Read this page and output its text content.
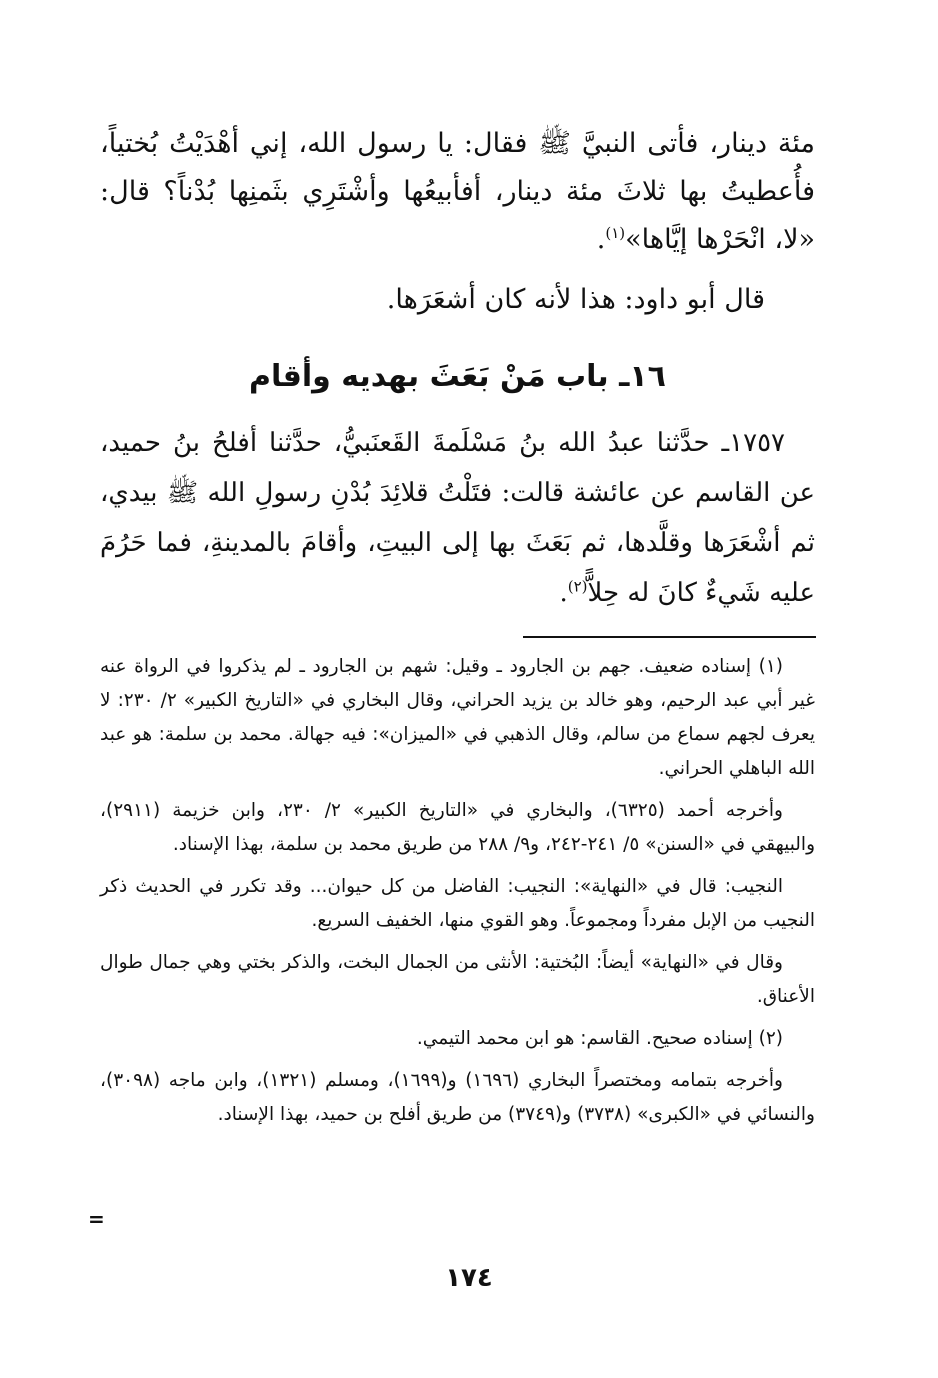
مئة دينار، فأتى النبيَّ ﷺ فقال: يا رسول الله، إني أهْدَيْتُ بُختياً، فأُعطيتُ بها ثلاثَ مئة دينار، أفأبيعُها وأشْتَرِي بثَمنِها بُدْناً؟ قال: «لا، انْحَرْها إيَّاها»$^{(١)}$.

قال أبو داود: هذا لأنه كان أشعَرَها.

١٦ـ باب مَنْ بَعَثَ بهديه وأقام

١٧٥٧ـ حدَّثنا عبدُ الله بنُ مَسْلَمةَ القَعنَبيُّ، حدَّثنا أفلحُ بنُ حميد، عن القاسم عن عائشة قالت: فتَلْتُ قلائِدَ بُدْنِ رسولِ الله ﷺ بيدي، ثم أشْعَرَها وقلَّدها، ثم بَعَثَ بها إلى البيتِ، وأقامَ بالمدينةِ، فما حَرُمَ عليه شَيءٌ كانَ له حِلاًّ$^{(٢)}$.

(١) إسناده ضعيف. جهم بن الجارود ـ وقيل: شهم بن الجارود ـ لم يذكروا في الرواة عنه غير أبي عبد الرحيم، وهو خالد بن يزيد الحراني، وقال البخاري في «التاريخ الكبير» ٢/ ٢٣٠: لا يعرف لجهم سماع من سالم، وقال الذهبي في «الميزان»: فيه جهالة. محمد بن سلمة: هو عبد الله الباهلي الحراني.

وأخرجه أحمد (٦٣٢٥)، والبخاري في «التاريخ الكبير» ٢/ ٢٣٠، وابن خزيمة (٢٩١١)، والبيهقي في «السنن» ٥/ ٢٤١-٢٤٢، و٩/ ٢٨٨ من طريق محمد بن سلمة، بهذا الإسناد.

النجيب: قال في «النهاية»: النجيب: الفاضل من كل حيوان... وقد تكرر في الحديث ذكر النجيب من الإبل مفرداً ومجموعاً. وهو القوي منها، الخفيف السريع.

وقال في «النهاية» أيضاً: البُختية: الأنثى من الجمال البخت، والذكر بختي وهي جمال طوال الأعناق.

(٢) إسناده صحيح. القاسم: هو ابن محمد التيمي.

وأخرجه بتمامه ومختصراً البخاري (١٦٩٦) و(١٦٩٩)، ومسلم (١٣٢١)، وابن ماجه (٣٠٩٨)، والنسائي في «الكبرى» (٣٧٣٨) و(٣٧٤٩) من طريق أفلح بن حميد، بهذا الإسناد.

=
١٧٤
